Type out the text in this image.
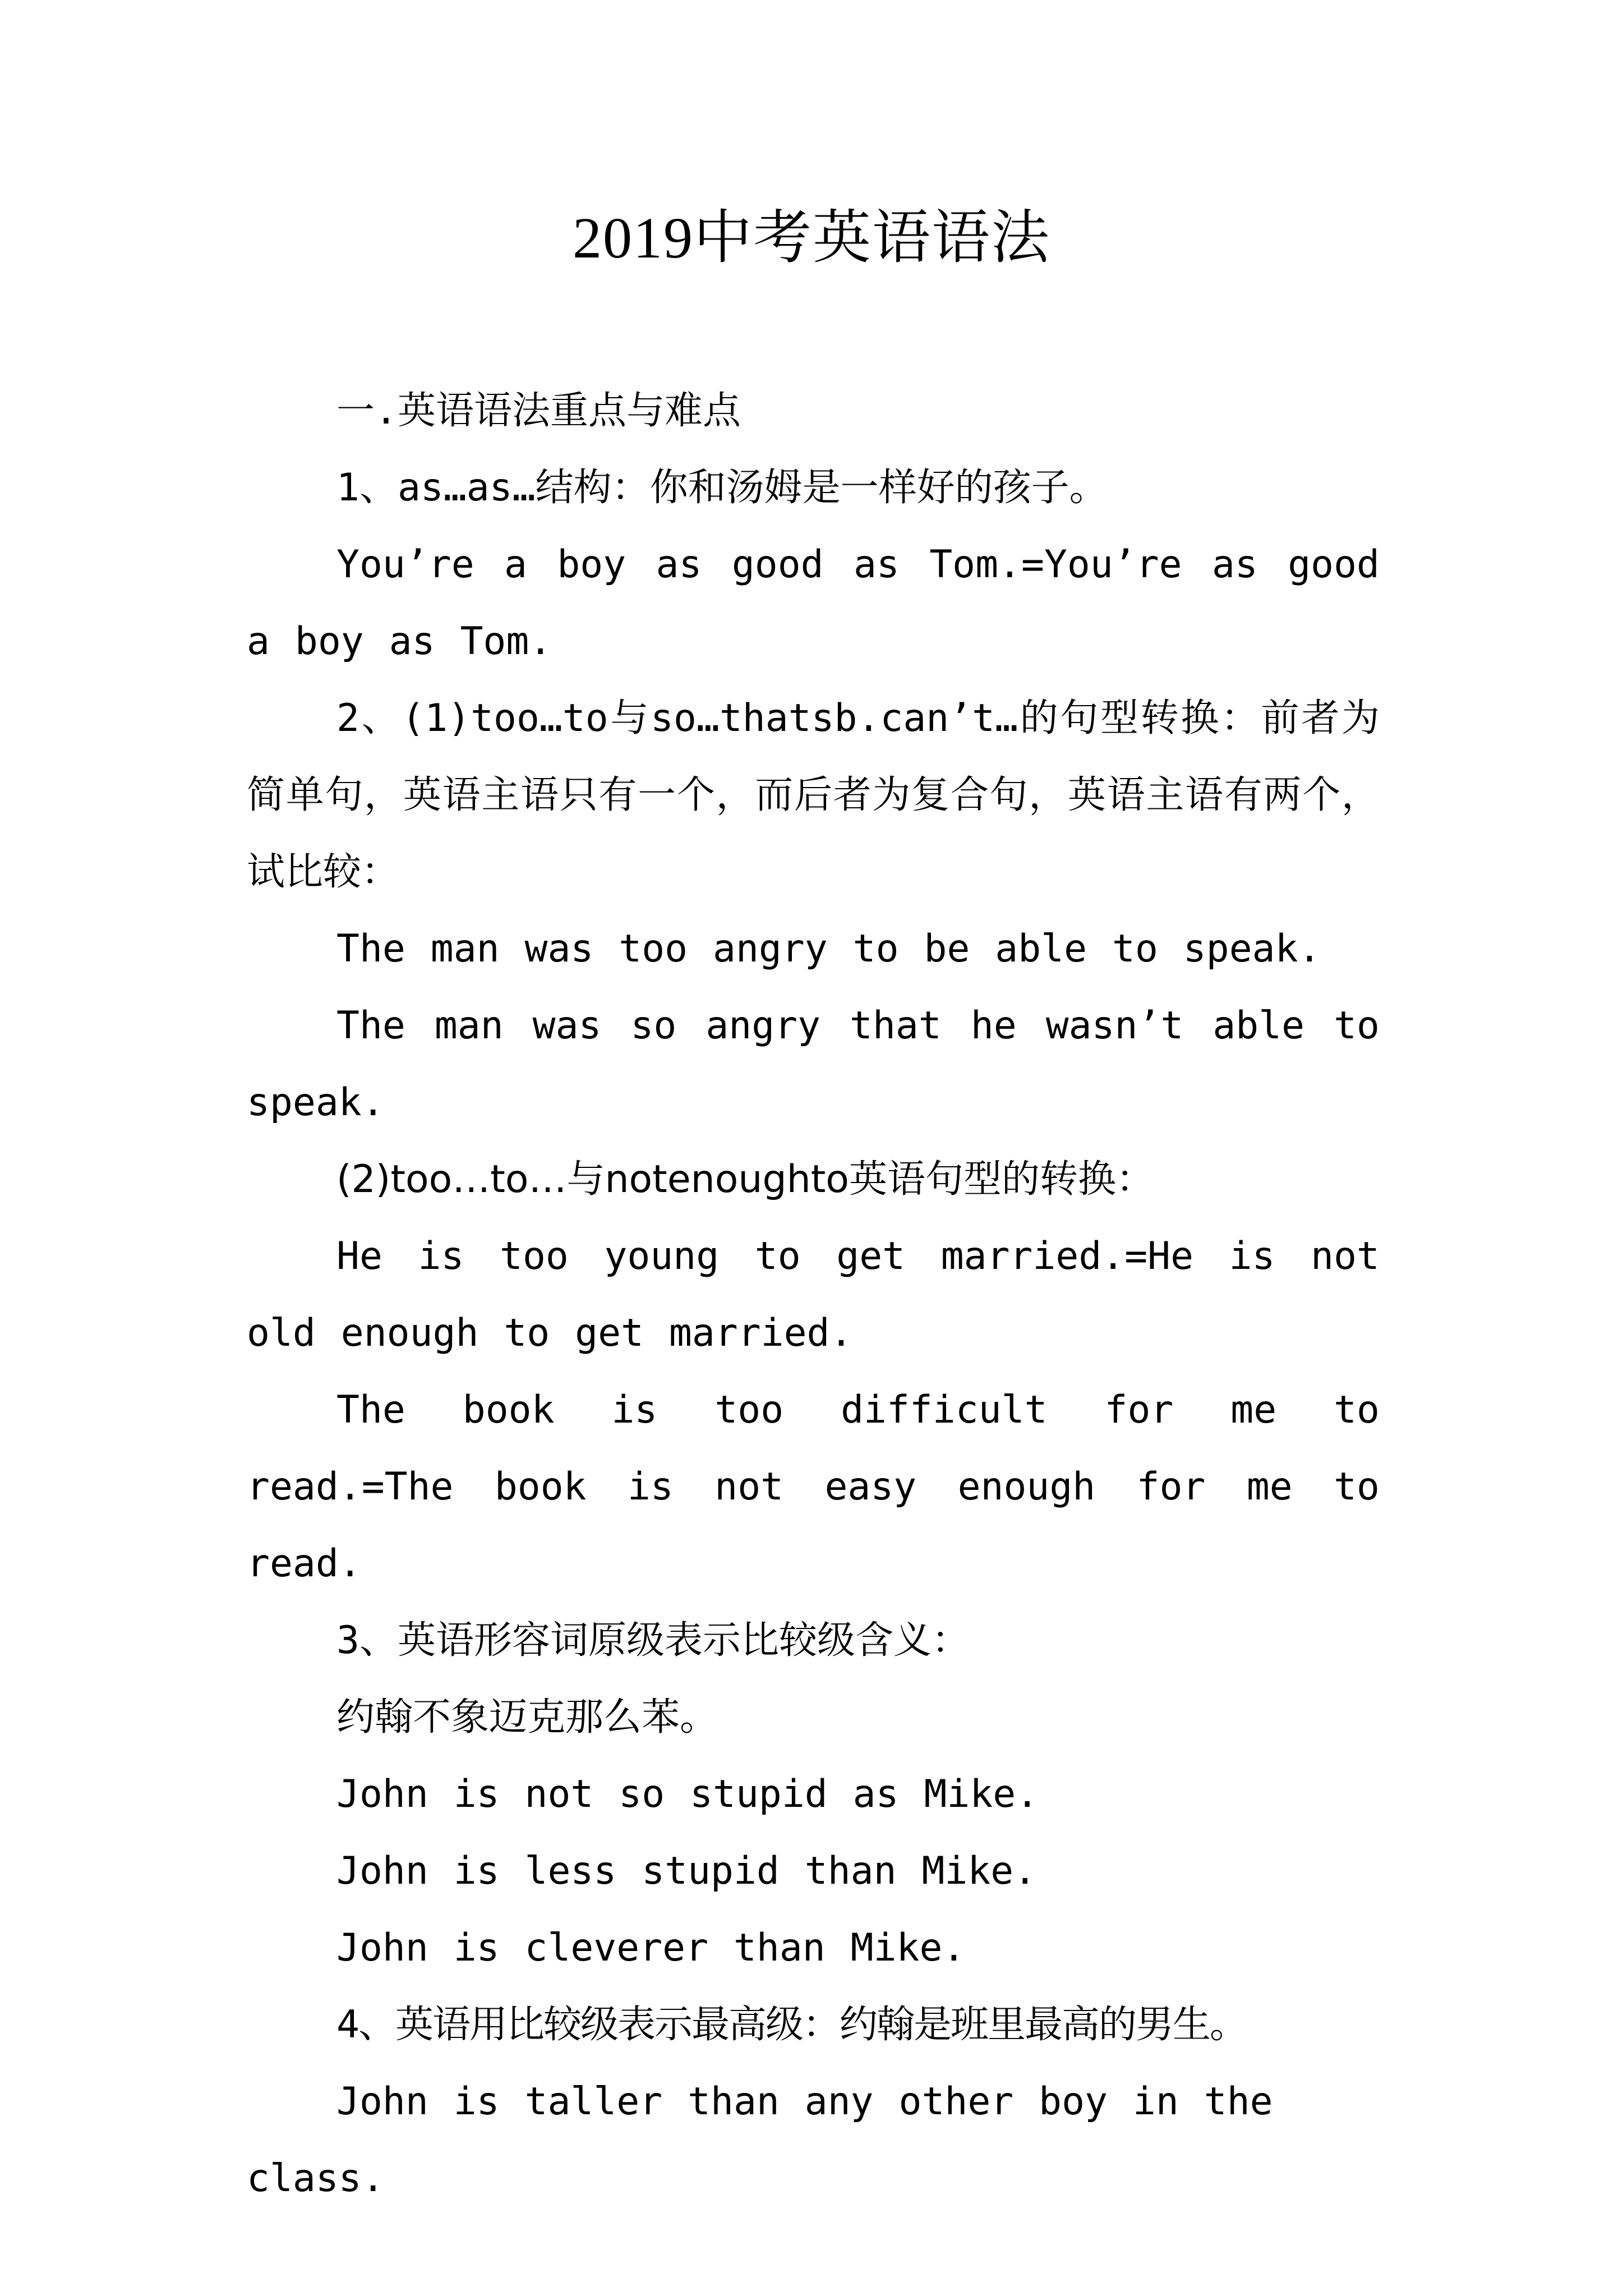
2019中考英语语法

一.英语语法重点与难点

1、as…as…结构：你和汤姆是一样好的孩子。

You’re a boy as good as Tom.=You’re as good a boy as Tom.

2、(1)too…to与so…thatsb.can’t…的句型转换：前者为简单句，英语主语只有一个，而后者为复合句，英语主语有两个，试比较：

The man was too angry to be able to speak.

The man was so angry that he wasn’t able to speak.

(2)too…to…与notenoughto英语句型的转换：

He is too young to get married.=He is not old enough to get married.

The book is too difficult for me to read.=The book is not easy enough for me to read.

3、英语形容词原级表示比较级含义：

约翰不象迈克那么苯。

John is not so stupid as Mike.

John is less stupid than Mike.

John is cleverer than Mike.

4、英语用比较级表示最高级：约翰是班里最高的男生。

John is taller than any other boy in the class.
